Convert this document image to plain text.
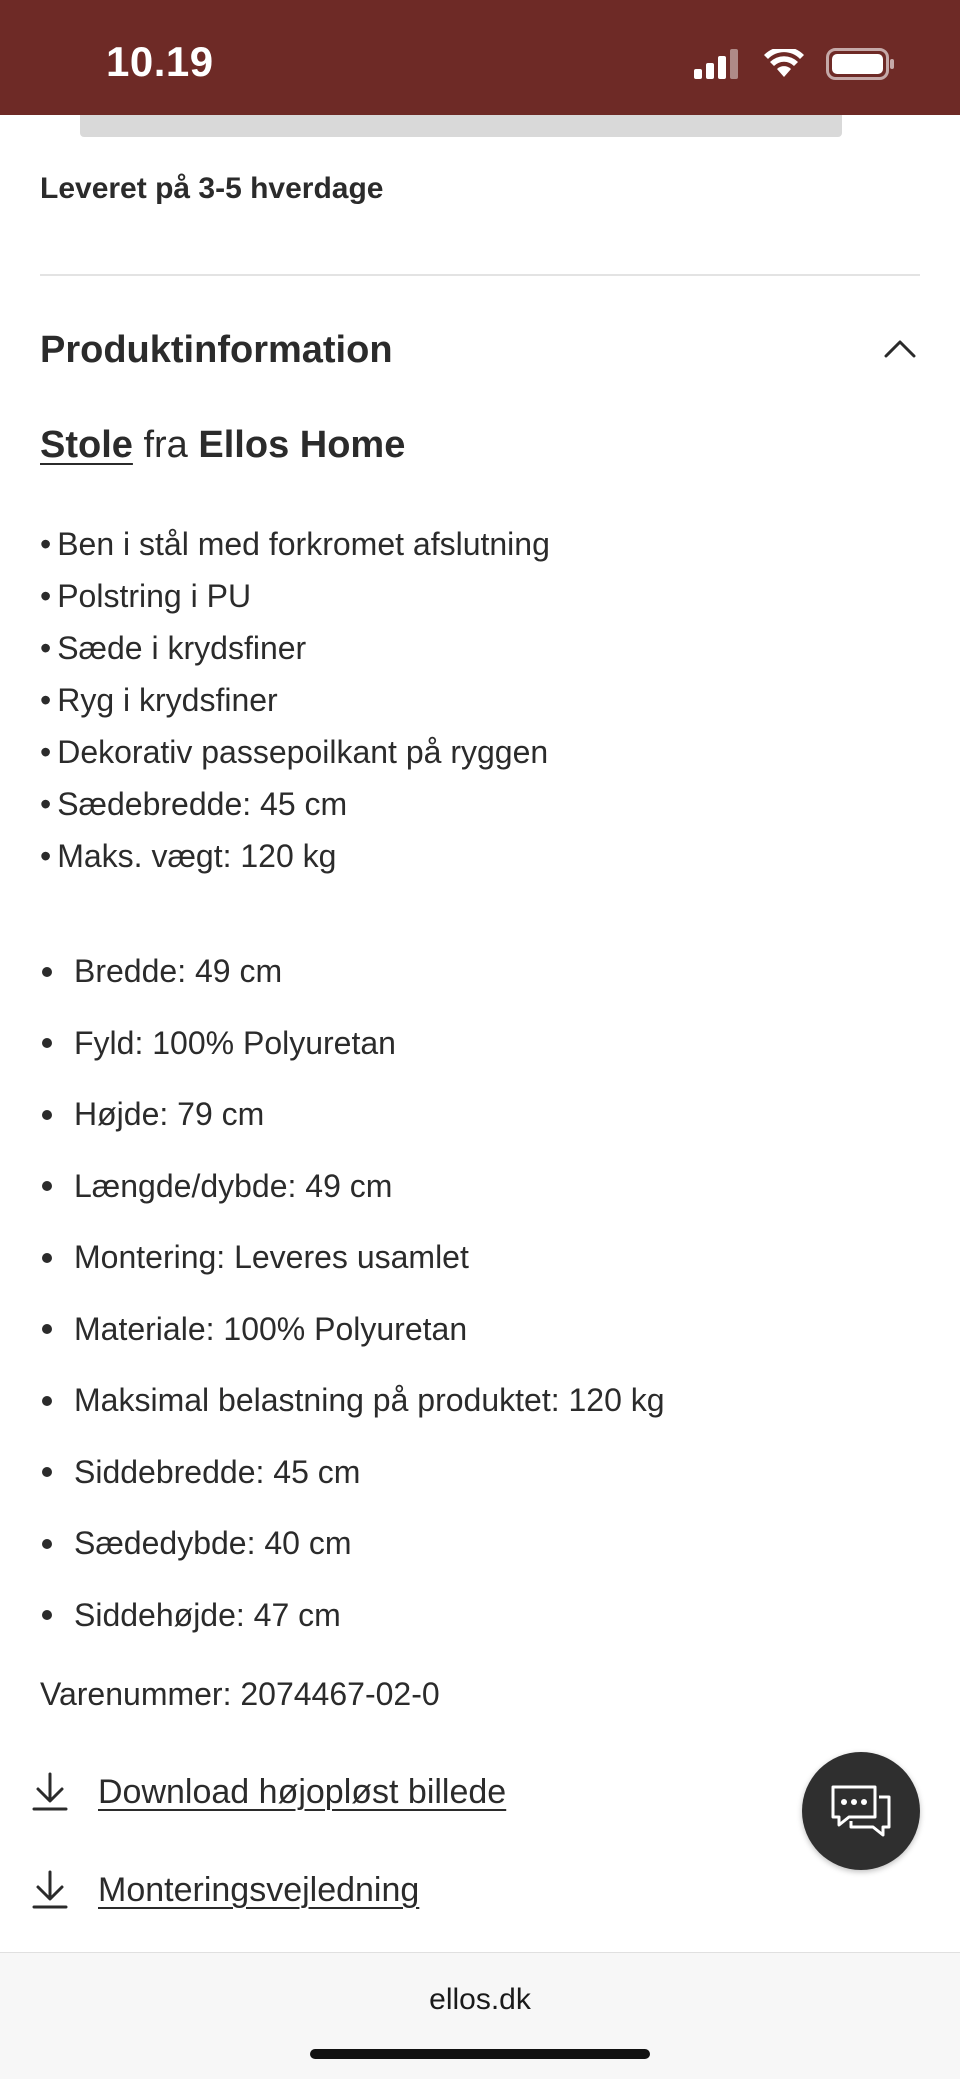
10.19
Leveret på 3-5 hverdage
Produktinformation
Stole fra Ellos Home
• Ben i stål med forkromet afslutning
• Polstring i PU
• Sæde i krydsfiner
• Ryg i krydsfiner
• Dekorativ passepoilkant på ryggen
• Sædebredde: 45 cm
• Maks. vægt: 120 kg
Bredde: 49 cm
Fyld: 100% Polyuretan
Højde: 79 cm
Længde/dybde: 49 cm
Montering: Leveres usamlet
Materiale: 100% Polyuretan
Maksimal belastning på produktet: 120 kg
Siddebredde: 45 cm
Sædedybde: 40 cm
Siddehøjde: 47 cm
Varenummer: 2074467-02-0
Download højopløst billede
Monteringsvejledning
ellos.dk
